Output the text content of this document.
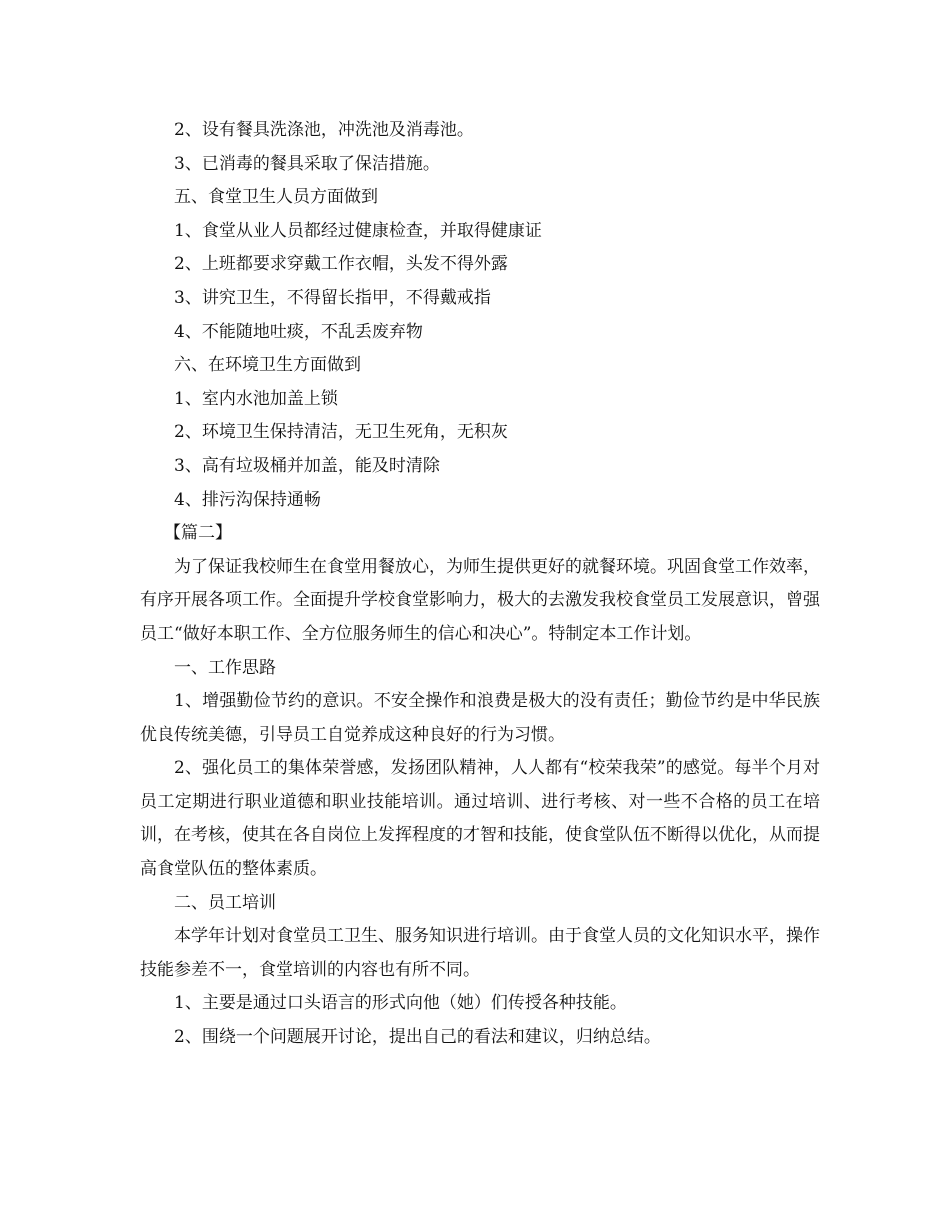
2、设有餐具洗涤池，冲洗池及消毒池。

3、已消毒的餐具采取了保洁措施。

五、食堂卫生人员方面做到

1、食堂从业人员都经过健康检查，并取得健康证

2、上班都要求穿戴工作衣帽，头发不得外露

3、讲究卫生，不得留长指甲，不得戴戒指

4、不能随地吐痰，不乱丢废弃物

六、在环境卫生方面做到

1、室内水池加盖上锁

2、环境卫生保持清洁，无卫生死角，无积灰

3、高有垃圾桶并加盖，能及时清除

4、排污沟保持通畅

【篇二】

为了保证我校师生在食堂用餐放心，为师生提供更好的就餐环境。巩固食堂工作效率，有序开展各项工作。全面提升学校食堂影响力，极大的去激发我校食堂员工发展意识，曾强员工“做好本职工作、全方位服务师生的信心和决心”。特制定本工作计划。

一、工作思路

1、增强勤俭节约的意识。不安全操作和浪费是极大的没有责任；勤俭节约是中华民族优良传统美德，引导员工自觉养成这种良好的行为习惯。

2、强化员工的集体荣誉感，发扬团队精神，人人都有“校荣我荣”的感觉。每半个月对员工定期进行职业道德和职业技能培训。通过培训、进行考核、对一些不合格的员工在培训，在考核，使其在各自岗位上发挥程度的才智和技能，使食堂队伍不断得以优化，从而提高食堂队伍的整体素质。

二、员工培训

本学年计划对食堂员工卫生、服务知识进行培训。由于食堂人员的文化知识水平，操作技能参差不一，食堂培训的内容也有所不同。

1、主要是通过口头语言的形式向他（她）们传授各种技能。

2、围绕一个问题展开讨论，提出自己的看法和建议，归纳总结。
